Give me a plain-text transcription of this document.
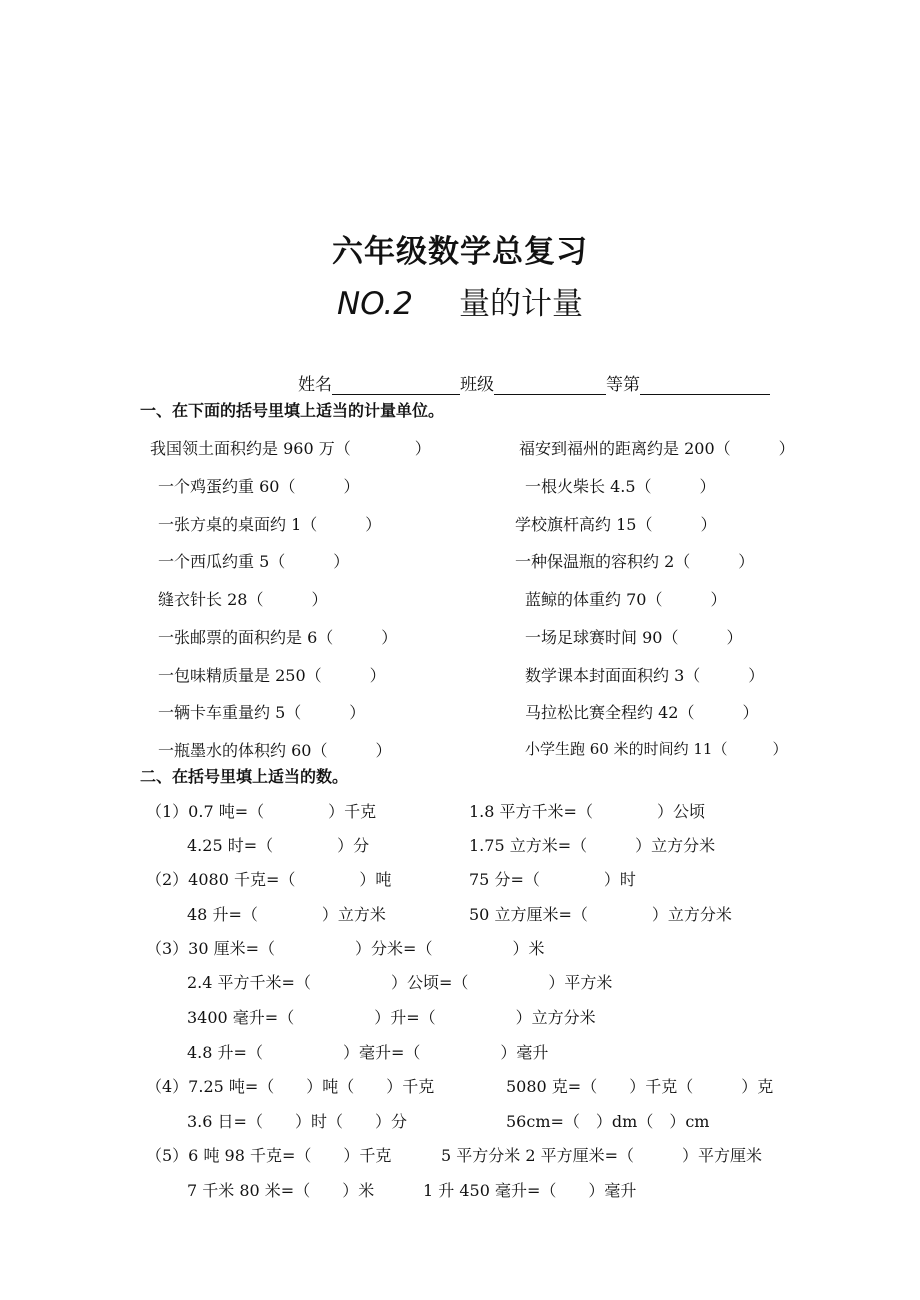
六年级数学总复习
NO.2 量的计量
姓名	班级	等第
一、在下面的括号里填上适当的计量单位。
我国领土面积约是 960 万（　　　　）	福安到福州的距离约是 200（　　　）
一个鸡蛋约重 60（　　　）	一根火柴长 4.5（　　　）
一张方桌的桌面约 1（　　　）	学校旗杆高约 15（　　　）
一个西瓜约重 5（　　　）	一种保温瓶的容积约 2（　　　）
缝衣针长 28（　　　）	蓝鲸的体重约 70（　　　）
一张邮票的面积约是 6（　　　）	一场足球赛时间 90（　　　）
一包味精质量是 250（　　　）	数学课本封面面积约 3（　　　）
一辆卡车重量约 5（　　　）	马拉松比赛全程约 42（　　　）
一瓶墨水的体积约 60（　　　）	小学生跑 60 米的时间约 11（　　　）
二、在括号里填上适当的数。
（1）0.7 吨=（　　　　）千克	1.8 平方千米=（　　　　）公顷
4.25 时=（　　　　）分	1.75 立方米=（　　　）立方分米
（2）4080 千克=（　　　　）吨	75 分=（　　　　）时
48 升=（　　　　）立方米	50 立方厘米=（　　　　）立方分米
（3）30 厘米=（　　　　　）分米=（　　　　　）米
2.4 平方千米=（　　　　　）公顷=（　　　　　）平方米
3400 毫升=（　　　　　）升=（　　　　　）立方分米
4.8 升=（　　　　　）毫升=（　　　　　）毫升
（4）7.25 吨=（　　）吨（　　）千克	5080 克=（　　）千克（　　　）克
3.6 日=（　　）时（　　）分	56cm=（　）dm（　）cm
（5）6 吨 98 千克=（　　）千克	5 平方分米 2 平方厘米=（　　　）平方厘米
7 千米 80 米=（　　）米	1 升 450 毫升=（　　）毫升
